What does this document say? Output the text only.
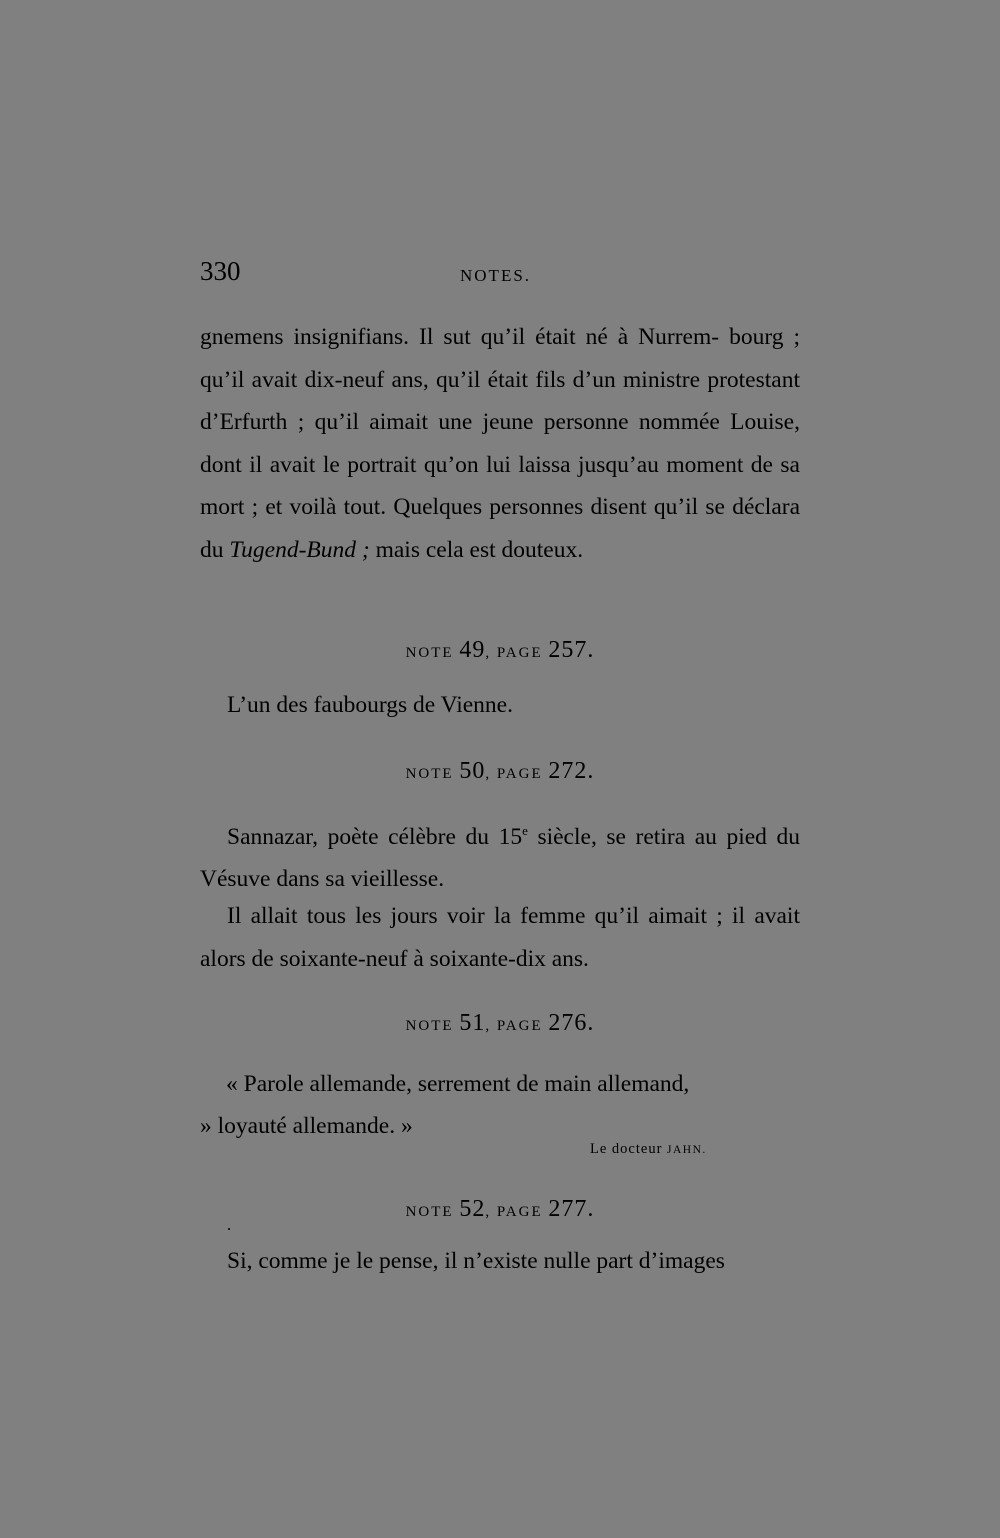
330	NOTES.

gnemens insignifians. Il sut qu’il était né à Nurrem- bourg ; qu’il avait dix-neuf ans, qu’il était fils d’un ministre protestant d’Erfurth ; qu’il aimait une jeune personne nommée Louise, dont il avait le portrait qu’on lui laissa jusqu’au moment de sa mort ; et voilà tout. Quelques personnes disent qu’il se déclara du Tugend-Bund ; mais cela est douteux.

NOTE 49, PAGE 257.

L’un des faubourgs de Vienne.

NOTE 50, PAGE 272.

Sannazar, poète célèbre du 15e siècle, se retira au pied du Vésuve dans sa vieillesse.

Il allait tous les jours voir la femme qu’il aimait ; il avait alors de soixante-neuf à soixante-dix ans.

NOTE 51, PAGE 276.

« Parole allemande, serrement de main allemand,

» loyauté allemande. »

Le docteur JAHN.

NOTE 52, PAGE 277.

Si, comme je le pense, il n’existe nulle part d’images
